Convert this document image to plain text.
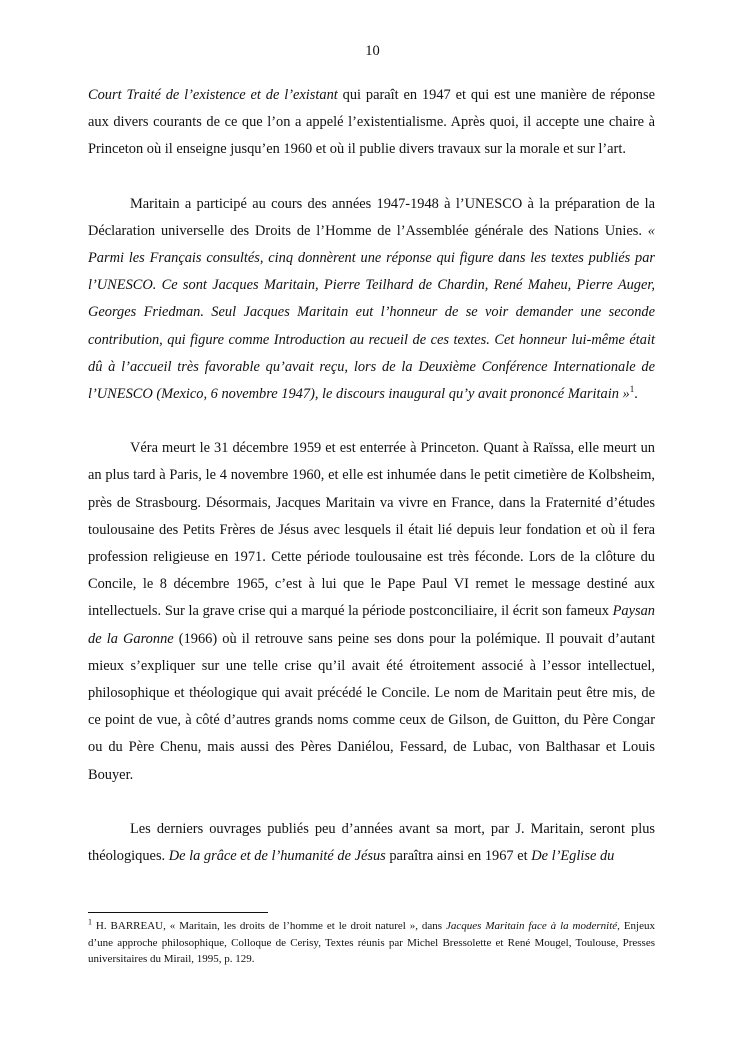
10

Court Traité de l’existence et de l’existant qui paraît en 1947 et qui est une manière de réponse aux divers courants de ce que l’on a appelé l’existentialisme. Après quoi, il accepte une chaire à Princeton où il enseigne jusqu’en 1960 et où il publie divers travaux sur la morale et sur l’art.

Maritain a participé au cours des années 1947-1948 à l’UNESCO à la préparation de la Déclaration universelle des Droits de l’Homme de l’Assemblée générale des Nations Unies. « Parmi les Français consultés, cinq donnèrent une réponse qui figure dans les textes publiés par l’UNESCO. Ce sont Jacques Maritain, Pierre Teilhard de Chardin, René Maheu, Pierre Auger, Georges Friedman. Seul Jacques Maritain eut l’honneur de se voir demander une seconde contribution, qui figure comme Introduction au recueil de ces textes. Cet honneur lui-même était dû à l’accueil très favorable qu’avait reçu, lors de la Deuxième Conférence Internationale de l’UNESCO (Mexico, 6 novembre 1947), le discours inaugural qu’y avait prononcé Maritain »$^1$.

Véra meurt le 31 décembre 1959 et est enterrée à Princeton. Quant à Raïssa, elle meurt un an plus tard à Paris, le 4 novembre 1960, et elle est inhumée dans le petit cimetière de Kolbsheim, près de Strasbourg. Désormais, Jacques Maritain va vivre en France, dans la Fraternité d’études toulousaine des Petits Frères de Jésus avec lesquels il était lié depuis leur fondation et où il fera profession religieuse en 1971. Cette période toulousaine est très féconde. Lors de la clôture du Concile, le 8 décembre 1965, c’est à lui que le Pape Paul VI remet le message destiné aux intellectuels. Sur la grave crise qui a marqué la période postconciliaire, il écrit son fameux Paysan de la Garonne (1966) où il retrouve sans peine ses dons pour la polémique. Il pouvait d’autant mieux s’expliquer sur une telle crise qu’il avait été étroitement associé à l’essor intellectuel, philosophique et théologique qui avait précédé le Concile. Le nom de Maritain peut être mis, de ce point de vue, à côté d’autres grands noms comme ceux de Gilson, de Guitton, du Père Congar ou du Père Chenu, mais aussi des Pères Daniélou, Fessard, de Lubac, von Balthasar et Louis Bouyer.

Les derniers ouvrages publiés peu d’années avant sa mort, par J. Maritain, seront plus théologiques. De la grâce et de l’humanité de Jésus paraîtra ainsi en 1967 et De l’Eglise du

$^1$ H. BARREAU, « Maritain, les droits de l’homme et le droit naturel », dans Jacques Maritain face à la modernité, Enjeux d’une approche philosophique, Colloque de Cerisy, Textes réunis par Michel Bressolette et René Mougel, Toulouse, Presses universitaires du Mirail, 1995, p. 129.
